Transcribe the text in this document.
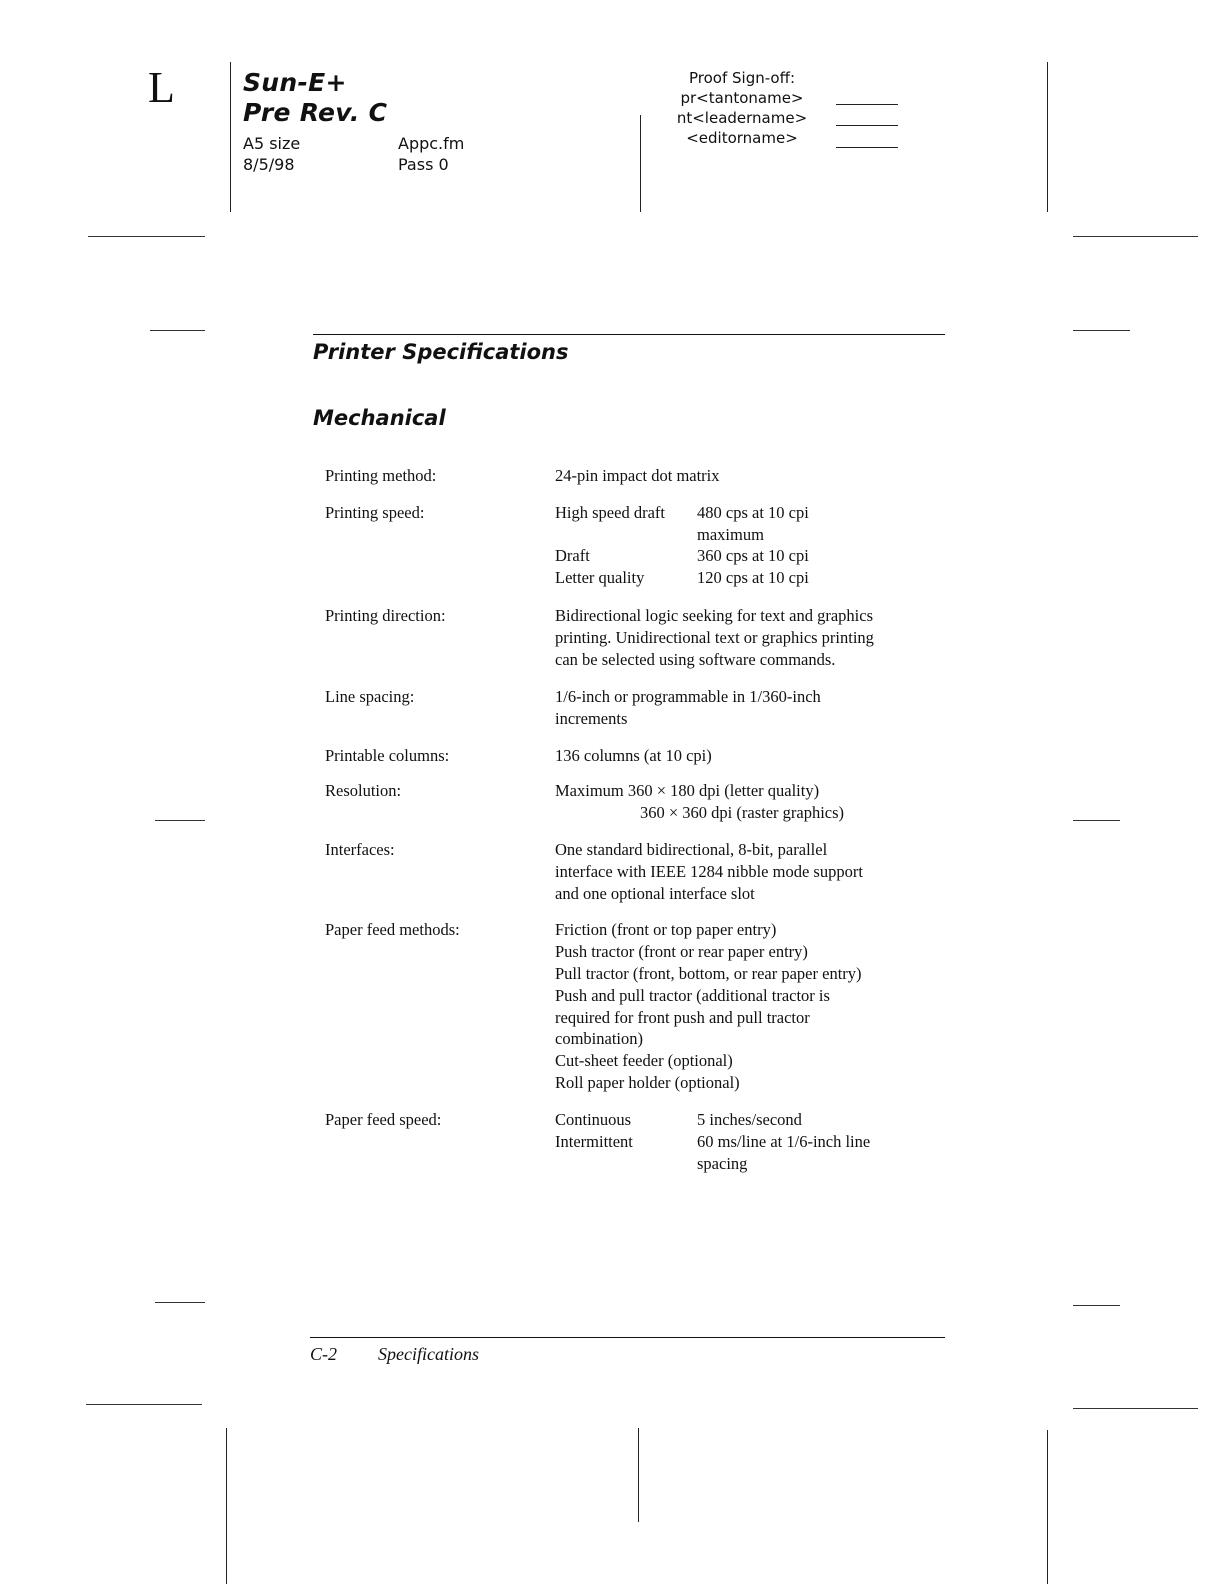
L	Sun-E+
Pre Rev. C
A5 size	Appc.fm
8/5/98	Pass 0
Proof Sign-off:
pr<tantoname>
nt<leadername>
<editorname>
Printer Specifications
Mechanical
Printing method:	24-pin impact dot matrix
Printing speed:	High speed draft 480 cps at 10 cpi
maximum
Draft	360 cps at 10 cpi
Letter quality	120 cps at 10 cpi
Printing direction:	Bidirectional logic seeking for text and graphics
printing. Unidirectional text or graphics printing
can be selected using software commands.
Line spacing:	1/6-inch or programmable in 1/360-inch
increments
Printable columns:	136 columns (at 10 cpi)
Resolution:	Maximum 360 × 180 dpi (letter quality)
360 × 360 dpi (raster graphics)
Interfaces:	One standard bidirectional, 8-bit, parallel
interface with IEEE 1284 nibble mode support
and one optional interface slot
Paper feed methods:	Friction (front or top paper entry)
Push tractor (front or rear paper entry)
Pull tractor (front, bottom, or rear paper entry)
Push and pull tractor (additional tractor is
required for front push and pull tractor
combination)
Cut-sheet feeder (optional)
Roll paper holder (optional)
Paper feed speed:	Continuous	5 inches/second
Intermittent	60 ms/line at 1/6-inch line
spacing
C-2 Specifications
